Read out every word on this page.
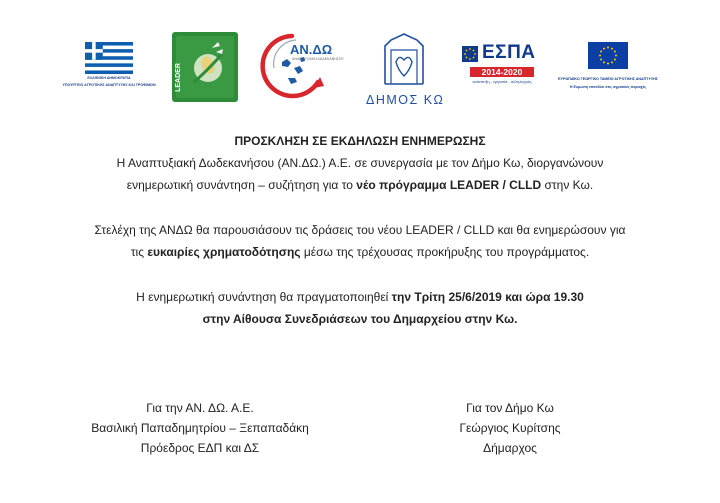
ΕΛΛΗΝΙΚΗ ΔΗΜΟΚΡΑΤΙΑ
ΥΠΟΥΡΓΕΙΟ ΑΓΡΟΤΙΚΗΣ ΑΝΑΠΤΥΞΗΣ ΚΑΙ ΤΡΟΦΙΜΩΝ	LEADER
ΑΝ.ΔΩ
ΑΝΑΠΤΥΞΙΑΚΗ ΔΩΔΕΚΑΝΗΣΟΥ
ΔΗΜΟΣ ΚΩ
ΕΣΠΑ
2014-2020
ανάπτυξη - εργασία - αλληλεγγύη	ΕΥΡΩΠΑΪΚΟ ΓΕΩΡΓΙΚΟ ΤΑΜΕΙΟ ΑΓΡΟΤΙΚΗΣ ΑΝΑΠΤΥΞΗΣ
Η Ευρώπη επενδύει στις αγροτικές περιοχές
ΠΡΟΣΚΛΗΣΗ ΣΕ ΕΚΔΗΛΩΣΗ ΕΝΗΜΕΡΩΣΗΣ
Η Αναπτυξιακή Δωδεκανήσου (ΑΝ.ΔΩ.) Α.Ε. σε συνεργασία με τον Δήμο Κω, διοργανώνουν
ενημερωτική συνάντηση – συζήτηση για το νέο πρόγραμμα LEADER / CLLD στην Κω.
Στελέχη της ΑΝΔΩ θα παρουσιάσουν τις δράσεις του νέου LEADER / CLLD και θα ενημερώσουν για
τις ευκαιρίες χρηματοδότησης μέσω της τρέχουσας προκήρυξης του προγράμματος.
Η ενημερωτική συνάντηση θα πραγματοποιηθεί την Τρίτη 25/6/2019 και ώρα 19.30
στην Αίθουσα Συνεδριάσεων του Δημαρχείου στην Κω.
Για την ΑΝ. ΔΩ. Α.Ε.
Βασιλική Παπαδημητρίου – Ξεπαπαδάκη
Πρόεδρος ΕΔΠ και ΔΣ
Για τον Δήμο Κω
Γεώργιος Κυρίτσης
Δήμαρχος
